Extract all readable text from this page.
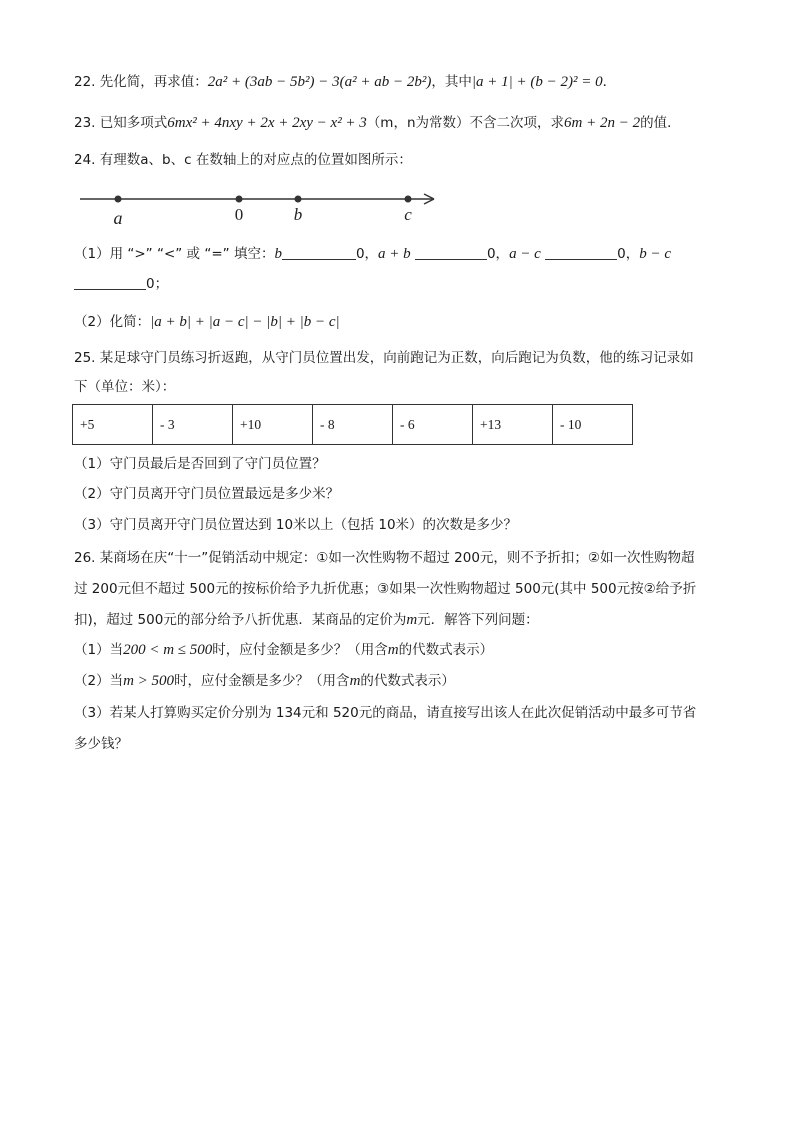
22. 先化简，再求值：2a² + (3ab − 5b²) − 3(a² + ab − 2b²)，其中|a + 1| + (b − 2)² = 0．
23. 已知多项式6mx² + 4nxy + 2x + 2xy − x² + 3（m，n为常数）不含二次项，求6m + 2n − 2的值．
24. 有理数a、b、c 在数轴上的对应点的位置如图所示：
a	0	b	c
（1）用 “>” “<” 或 “=” 填空：b	0，a + b	0，a − c	0，b − c
0；
（2）化简：|a + b| + |a − c| − |b| + |b − c|
25. 某足球守门员练习折返跑，从守门员位置出发，向前跑记为正数，向后跑记为负数，他的练习记录如
下（单位：米）：
+5	- 3	+10	- 8	- 6	+13	- 10
（1）守门员最后是否回到了守门员位置？
（2）守门员离开守门员位置最远是多少米？
（3）守门员离开守门员位置达到 10米以上（包括 10米）的次数是多少？
26. 某商场在庆“十一”促销活动中规定：①如一次性购物不超过 200元，则不予折扣；②如一次性购物超
过 200元但不超过 500元的按标价给予九折优惠；③如果一次性购物超过 500元(其中 500元按②给予折
扣)，超过 500元的部分给予八折优惠．某商品的定价为m元．解答下列问题：
（1）当200 < m ≤ 500时，应付金额是多少？（用含m的代数式表示）
（2）当m > 500时，应付金额是多少？（用含m的代数式表示）
（3）若某人打算购买定价分别为 134元和 520元的商品，请直接写出该人在此次促销活动中最多可节省
多少钱？
